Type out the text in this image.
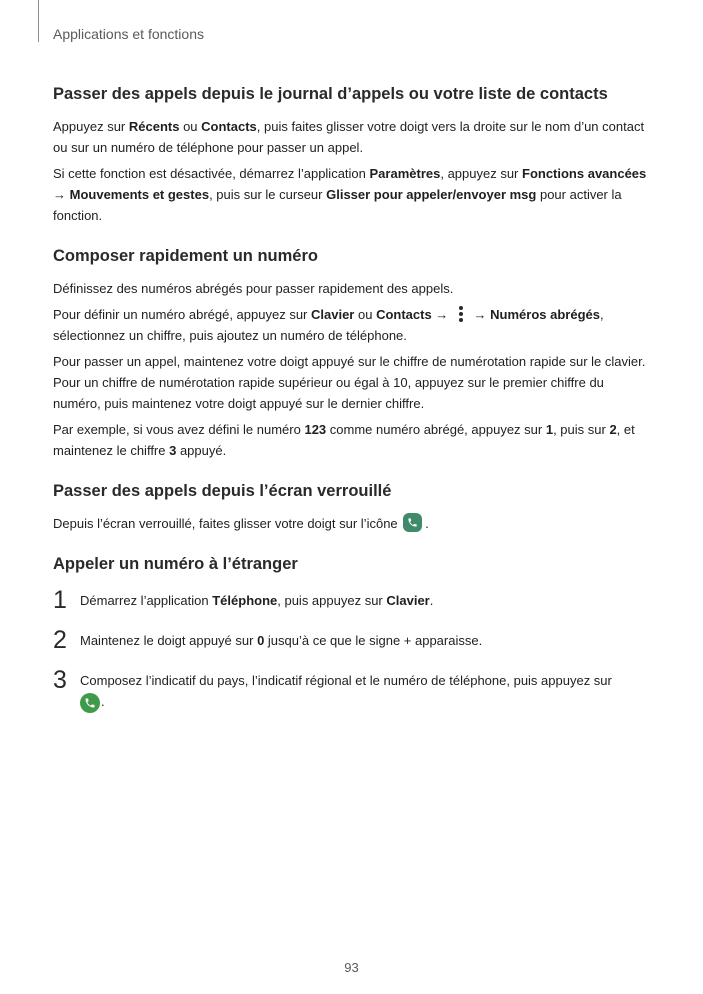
Applications et fonctions
Passer des appels depuis le journal d’appels ou votre liste de contacts

Appuyez sur Récents ou Contacts, puis faites glisser votre doigt vers la droite sur le nom d’un contact ou sur un numéro de téléphone pour passer un appel.

Si cette fonction est désactivée, démarrez l’application Paramètres, appuyez sur Fonctions avancées → Mouvements et gestes, puis sur le curseur Glisser pour appeler/envoyer msg pour activer la fonction.

Composer rapidement un numéro

Définissez des numéros abrégés pour passer rapidement des appels.

Pour définir un numéro abrégé, appuyez sur Clavier ou Contacts →
→ Numéros abrégés, sélectionnez un chiffre, puis ajoutez un numéro de téléphone.

Pour passer un appel, maintenez votre doigt appuyé sur le chiffre de numérotation rapide sur le clavier. Pour un chiffre de numérotation rapide supérieur ou égal à 10, appuyez sur le premier chiffre du numéro, puis maintenez votre doigt appuyé sur le dernier chiffre.

Par exemple, si vous avez défini le numéro 123 comme numéro abrégé, appuyez sur 1, puis sur 2, et maintenez le chiffre 3 appuyé.

Passer des appels depuis l’écran verrouillé

Depuis l’écran verrouillé, faites glisser votre doigt sur l’icône
.

Appeler un numéro à l’étranger
1 Démarrez l’application Téléphone, puis appuyez sur Clavier.

2 Maintenez le doigt appuyé sur 0 jusqu’à ce que le signe + apparaisse.

3 Composez l’indicatif du pays, l’indicatif régional et le numéro de téléphone, puis appuyez sur

.

93
